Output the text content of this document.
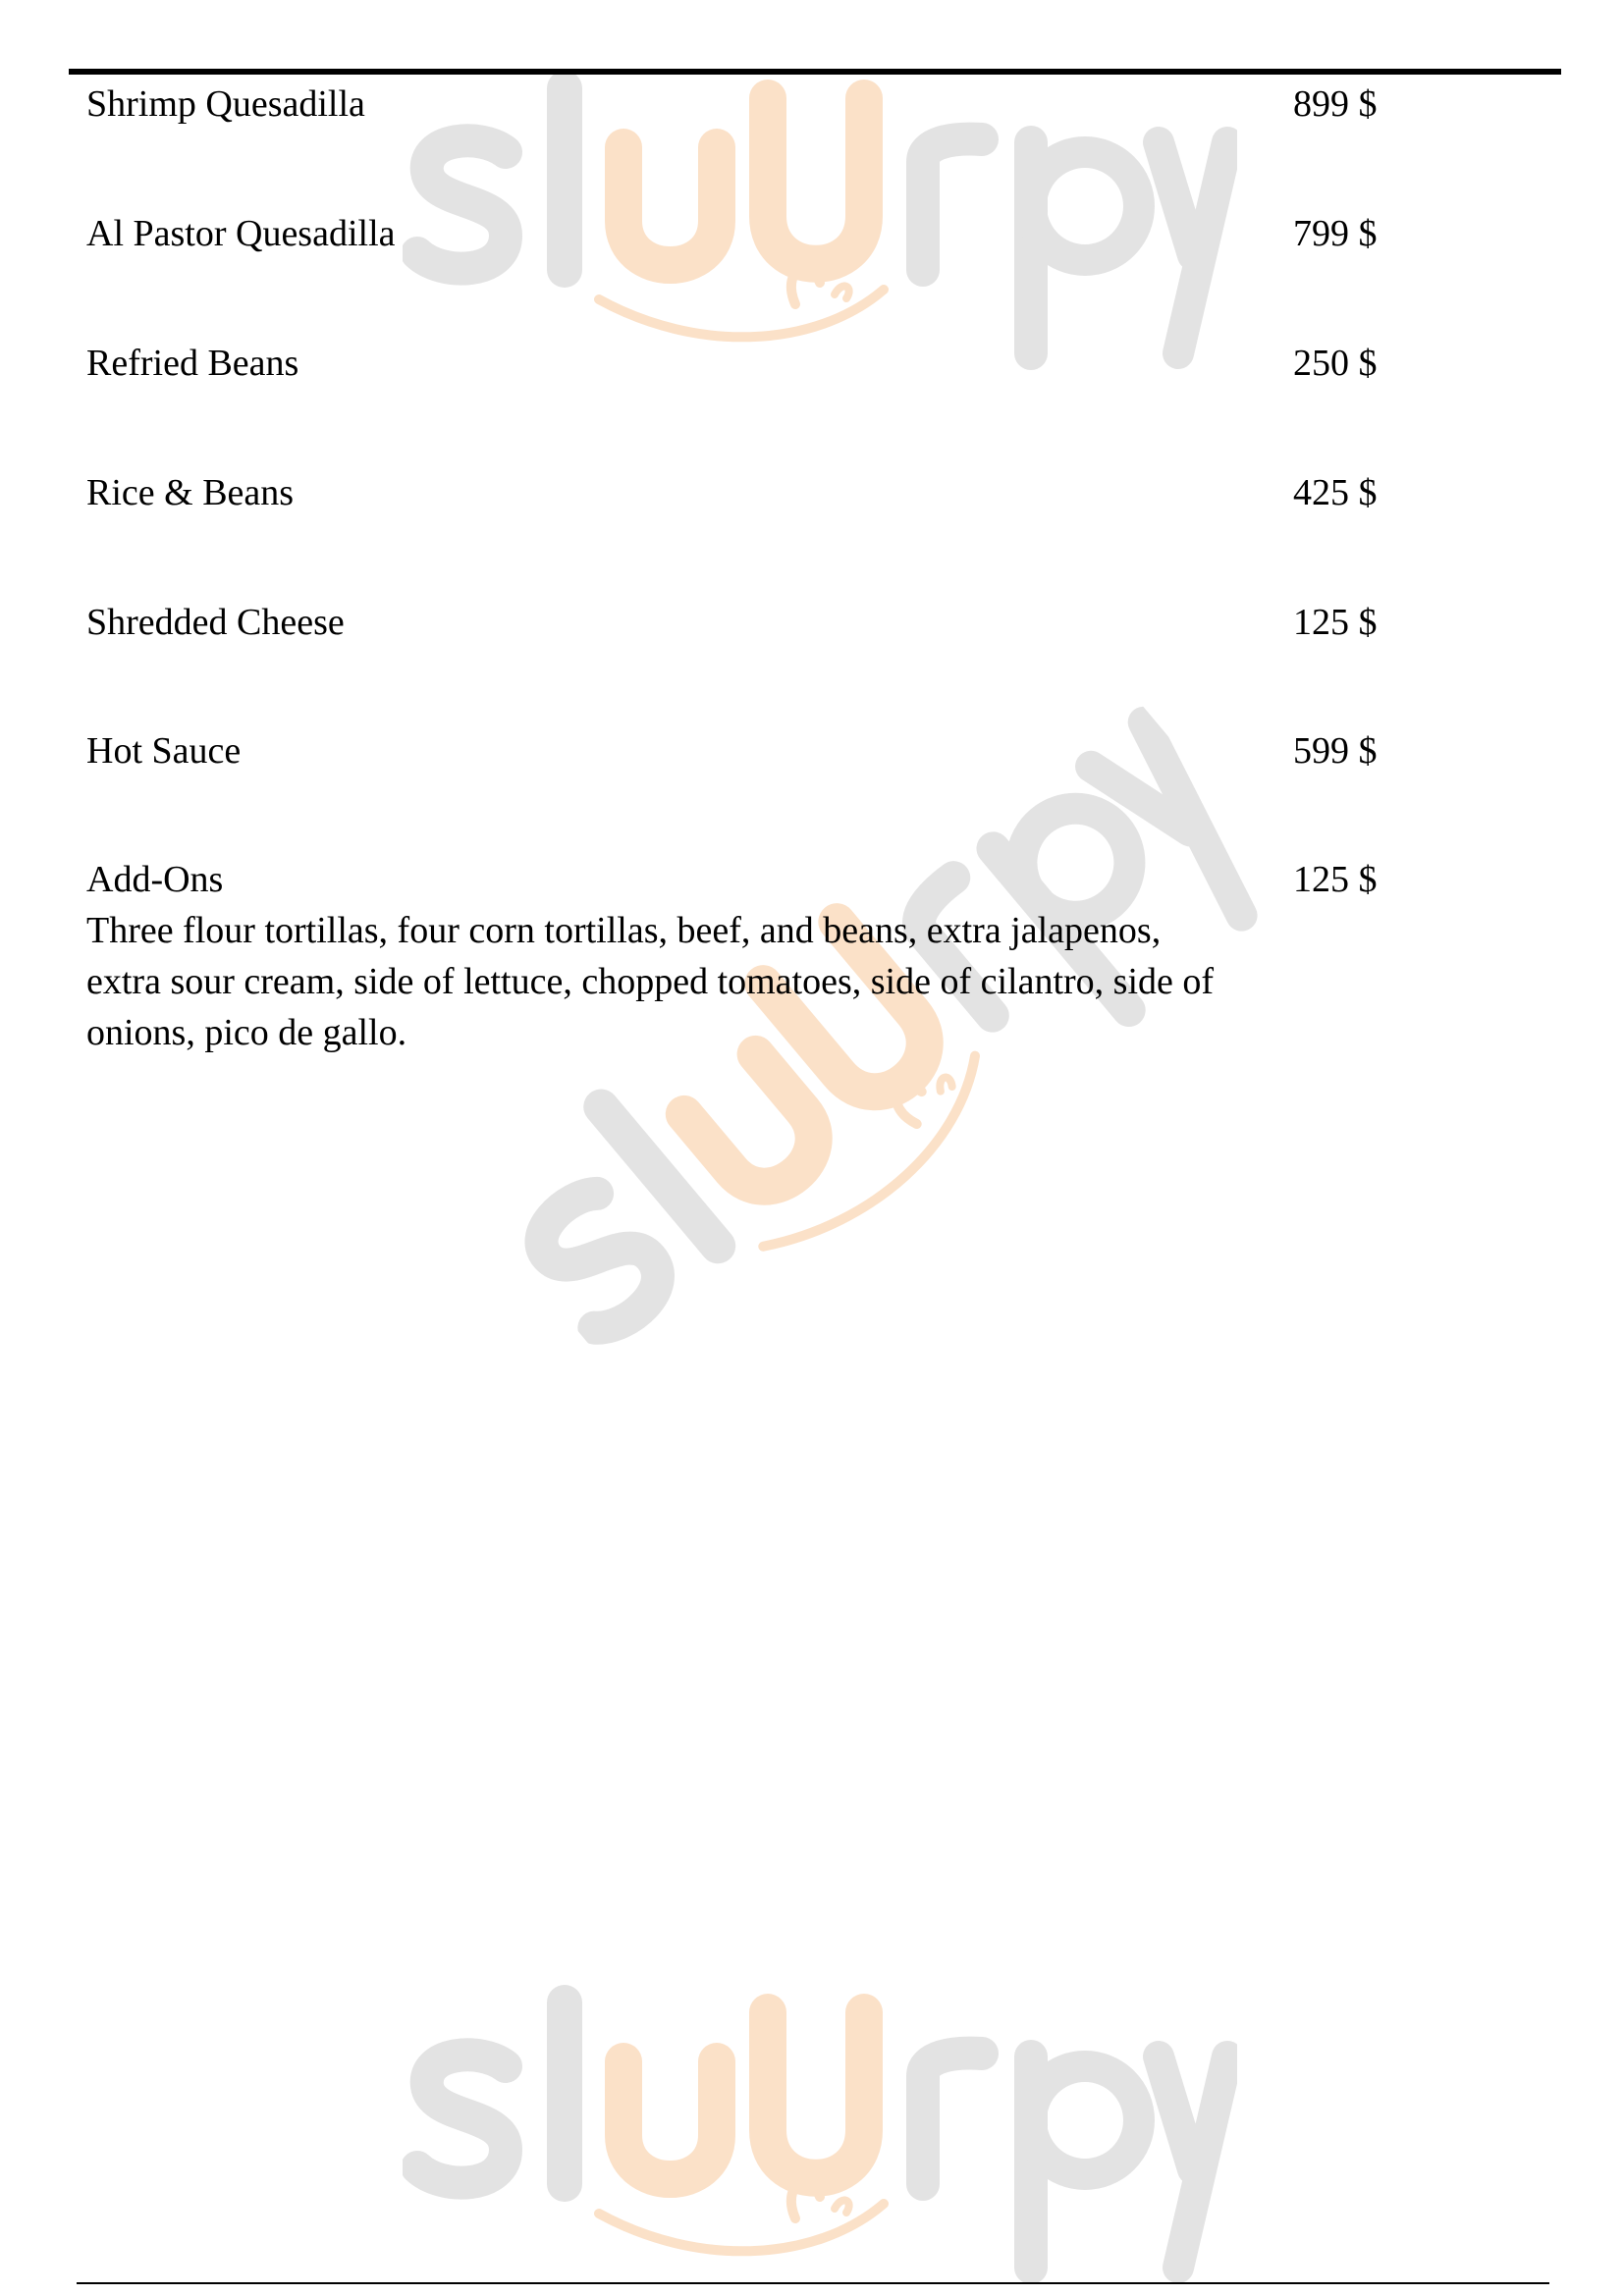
Shrimp Quesadilla	899 $
Al Pastor Quesadilla	799 $
Refried Beans	250 $
Rice & Beans	425 $
Shredded Cheese	125 $
Hot Sauce	599 $
Add-Ons	125 $
Three flour tortillas, four corn tortillas, beef, and beans, extra jalapenos, extra sour cream, side of lettuce, chopped tomatoes, side of cilantro, side of onions, pico de gallo.
